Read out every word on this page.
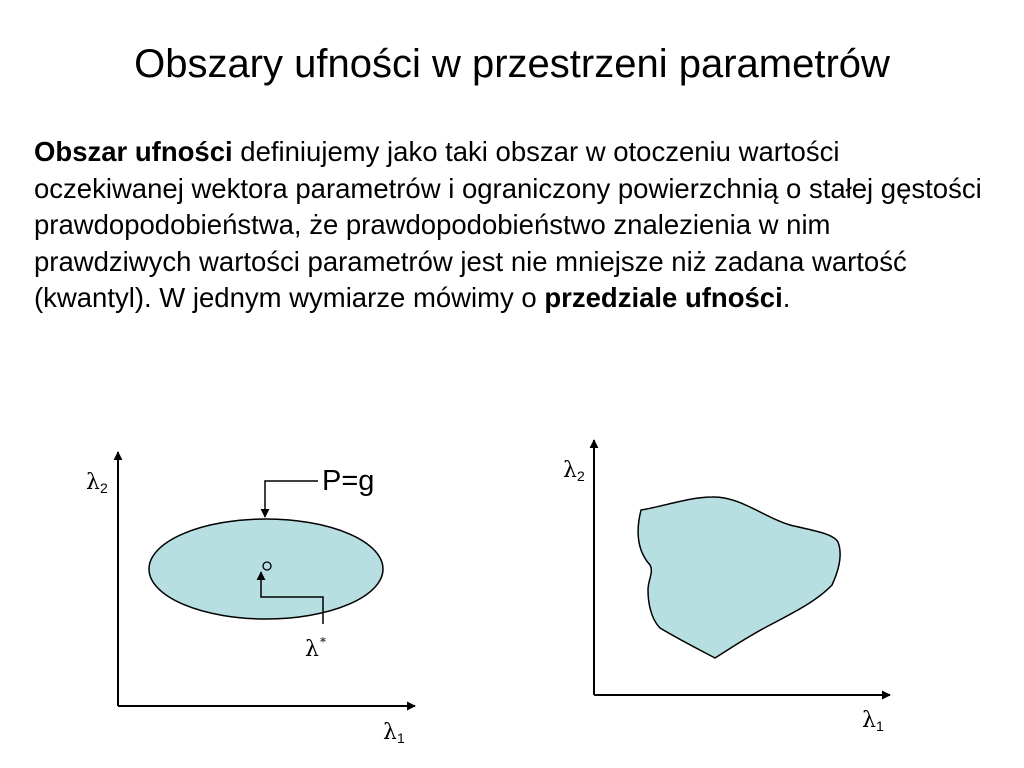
Obszary ufności w przestrzeni parametrów
Obszar ufności definiujemy jako taki obszar w otoczeniu wartości oczekiwanej wektora parametrów i ograniczony powierzchnią o stałej gęstości prawdopodobieństwa, że prawdopodobieństwo znalezienia w nim prawdziwych wartości parametrów jest nie mniejsze niż zadana wartość (kwantyl). W jednym wymiarze mówimy o przedziale ufności.
P=g
λ2
λ1
λ*
λ2
λ1
